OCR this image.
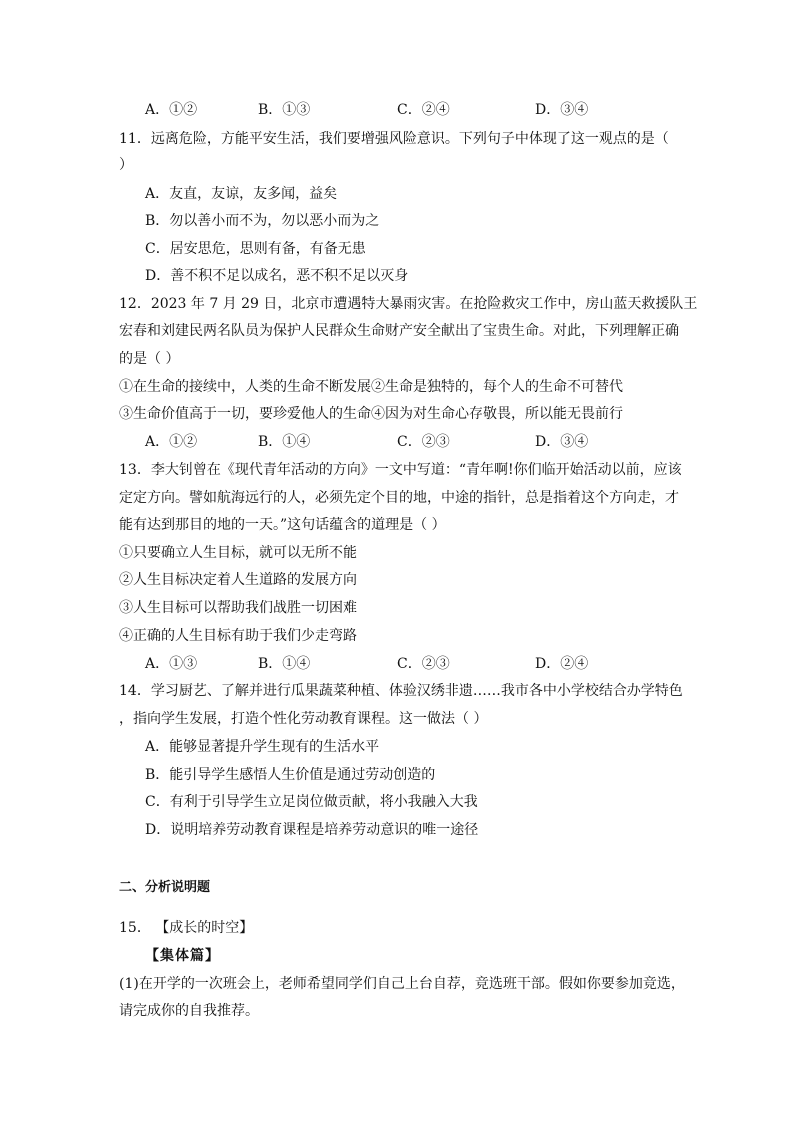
A．①②	B．①③	C．②④	D．③④
11．远离危险，方能平安生活，我们要增强风险意识。下列句子中体现了这一观点的是（
）
A．友直，友谅，友多闻，益矣
B．勿以善小而不为，勿以恶小而为之
C．居安思危，思则有备，有备无患
D．善不积不足以成名，恶不积不足以灭身
12．2023 年 7 月 29 日，北京市遭遇特大暴雨灾害。在抢险救灾工作中，房山蓝天救援队王
宏春和刘建民两名队员为保护人民群众生命财产安全献出了宝贵生命。对此，下列理解正确
的是（ ）
①在生命的接续中，人类的生命不断发展②生命是独特的，每个人的生命不可替代
③生命价值高于一切，要珍爱他人的生命④因为对生命心存敬畏，所以能无畏前行
A．①②	B．①④	C．②③	D．③④
13．李大钊曾在《现代青年活动的方向》一文中写道：“青年啊!你们临开始活动以前，应该
定定方向。譬如航海远行的人，必须先定个目的地，中途的指针，总是指着这个方向走，才
能有达到那目的地的一天。”这句话蕴含的道理是（ ）
①只要确立人生目标，就可以无所不能
②人生目标决定着人生道路的发展方向
③人生目标可以帮助我们战胜一切困难
④正确的人生目标有助于我们少走弯路
A．①③	B．①④	C．②③	D．②④
14．学习厨艺、了解并进行瓜果蔬菜种植、体验汉绣非遗……我市各中小学校结合办学特色
，指向学生发展，打造个性化劳动教育课程。这一做法（ ）
A．能够显著提升学生现有的生活水平
B．能引导学生感悟人生价值是通过劳动创造的
C．有利于引导学生立足岗位做贡献，将小我融入大我
D．说明培养劳动教育课程是培养劳动意识的唯一途径
二、分析说明题
15． 【成长的时空】
【集体篇】
(1)在开学的一次班会上，老师希望同学们自己上台自荐，竞选班干部。假如你要参加竞选，
请完成你的自我推荐。
